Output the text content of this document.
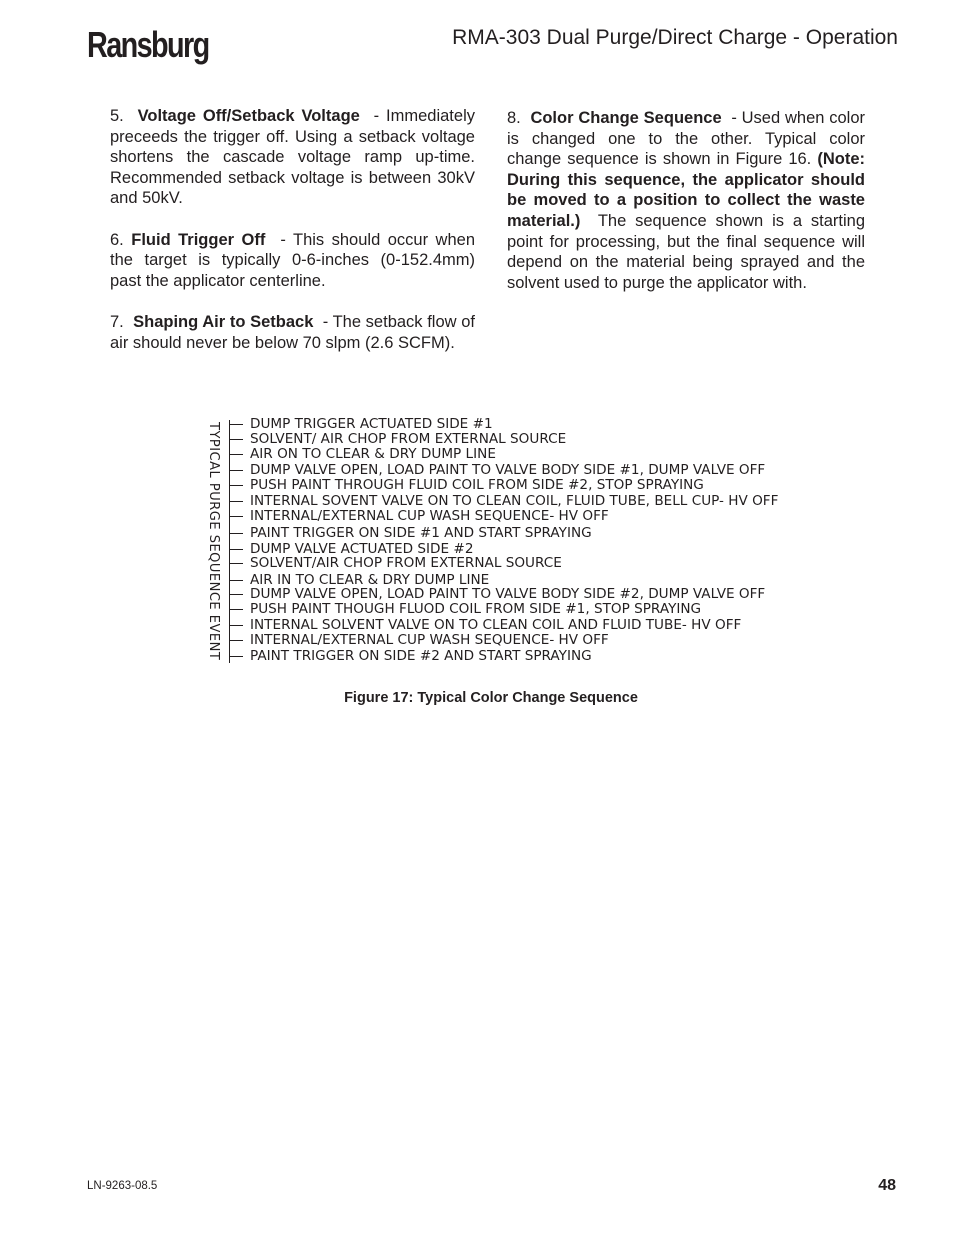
Ransburg	RMA-303 Dual Purge/Direct Charge - Operation

5. Voltage Off/Setback Voltage - Immediately preceeds the trigger off. Using a setback voltage shortens the cascade voltage ramp up-time. Recommended setback voltage is between 30kV and 50kV.

6. Fluid Trigger Off - This should occur when the target is typically 0-6-inches (0-152.4mm) past the applicator centerline.

7. Shaping Air to Setback - The setback flow of air should never be below 70 slpm (2.6 SCFM).

8. Color Change Sequence - Used when color is changed one to the other. Typical color change sequence is shown in Figure 16. (Note: During this sequence, the applicator should be moved to a position to collect the waste material.) The sequence shown is a starting point for processing, but the final sequence will depend on the material being sprayed and the solvent used to purge the applicator with.

TYPICAL PURGE SEQUENCE EVENT	DUMP TRIGGER ACTUATED SIDE #1
SOLVENT/ AIR CHOP FROM EXTERNAL SOURCE
AIR ON TO CLEAR & DRY DUMP LINE
DUMP VALVE OPEN, LOAD PAINT TO VALVE BODY SIDE #1, DUMP VALVE OFF
PUSH PAINT THROUGH FLUID COIL FROM SIDE #2, STOP SPRAYING
INTERNAL SOVENT VALVE ON TO CLEAN COIL, FLUID TUBE, BELL CUP- HV OFF
INTERNAL/EXTERNAL CUP WASH SEQUENCE- HV OFF
PAINT TRIGGER ON SIDE #1 AND START SPRAYING
DUMP VALVE ACTUATED SIDE #2
SOLVENT/AIR CHOP FROM EXTERNAL SOURCE
AIR IN TO CLEAR & DRY DUMP LINE
DUMP VALVE OPEN, LOAD PAINT TO VALVE BODY SIDE #2, DUMP VALVE OFF
PUSH PAINT THOUGH FLUOD COIL FROM SIDE #1, STOP SPRAYING
INTERNAL SOLVENT VALVE ON TO CLEAN COIL AND FLUID TUBE- HV OFF
INTERNAL/EXTERNAL CUP WASH SEQUENCE- HV OFF
PAINT TRIGGER ON SIDE #2 AND START SPRAYING
Figure 17: Typical Color Change Sequence
LN-9263-08.5	48
